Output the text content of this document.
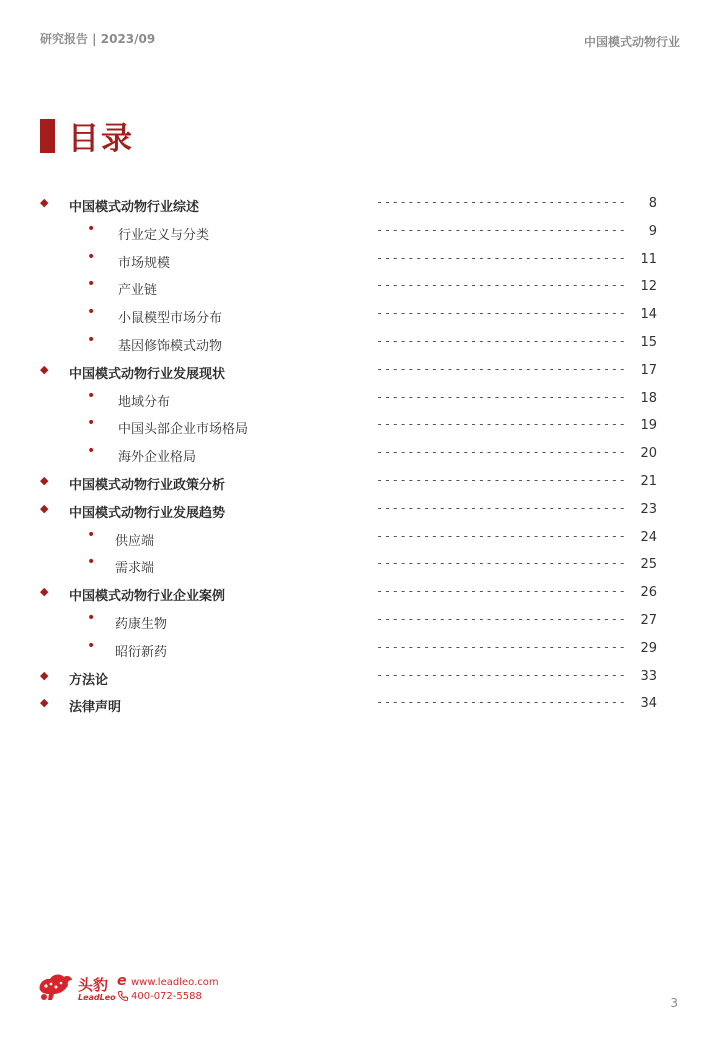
研究报告 | 2023/09	中国模式动物行业
目录
◆ 中国模式动物行业综述	-------------------------------- 8
• 行业定义与分类	-------------------------------- 9
• 市场规模	-------------------------------- 11
• 产业链	-------------------------------- 12
• 小鼠模型市场分布	-------------------------------- 14
• 基因修饰模式动物	-------------------------------- 15
◆ 中国模式动物行业发展现状	-------------------------------- 17
• 地域分布	-------------------------------- 18
• 中国头部企业市场格局	-------------------------------- 19
• 海外企业格局	-------------------------------- 20
◆ 中国模式动物行业政策分析	-------------------------------- 21
◆ 中国模式动物行业发展趋势	-------------------------------- 23
• 供应端	-------------------------------- 24
• 需求端	-------------------------------- 25
◆ 中国模式动物行业企业案例	-------------------------------- 26
• 药康生物	-------------------------------- 27
• 昭衍新药	-------------------------------- 29
◆ 方法论	-------------------------------- 33
◆ 法律声明	-------------------------------- 34
头豹
LeadLeo
e www.leadleo.com
400-072-5588	3
